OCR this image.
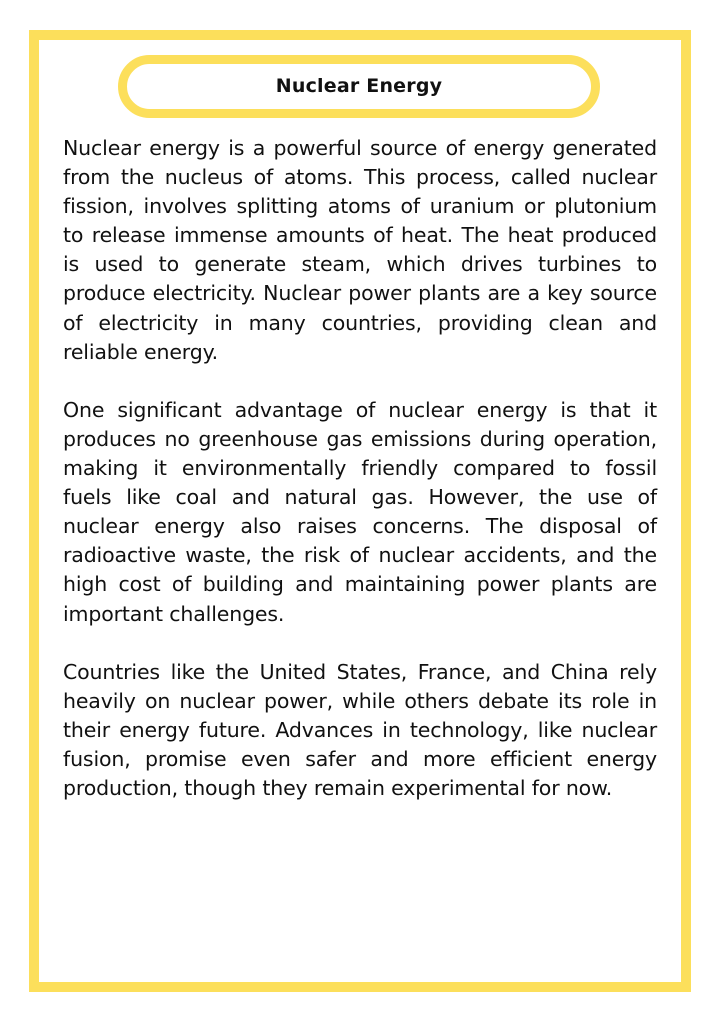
Nuclear Energy

Nuclear energy is a powerful source of energy generated from the nucleus of atoms. This process, called nuclear fission, involves splitting atoms of uranium or plutonium to release immense amounts of heat. The heat produced is used to generate steam, which drives turbines to produce electricity. Nuclear power plants are a key source of electricity in many countries, providing clean and reliable energy.

One significant advantage of nuclear energy is that it produces no greenhouse gas emissions during operation, making it environmentally friendly compared to fossil fuels like coal and natural gas. However, the use of nuclear energy also raises concerns. The disposal of radioactive waste, the risk of nuclear accidents, and the high cost of building and maintaining power plants are important challenges.

Countries like the United States, France, and China rely heavily on nuclear power, while others debate its role in their energy future. Advances in technology, like nuclear fusion, promise even safer and more efficient energy production, though they remain experimental for now.
